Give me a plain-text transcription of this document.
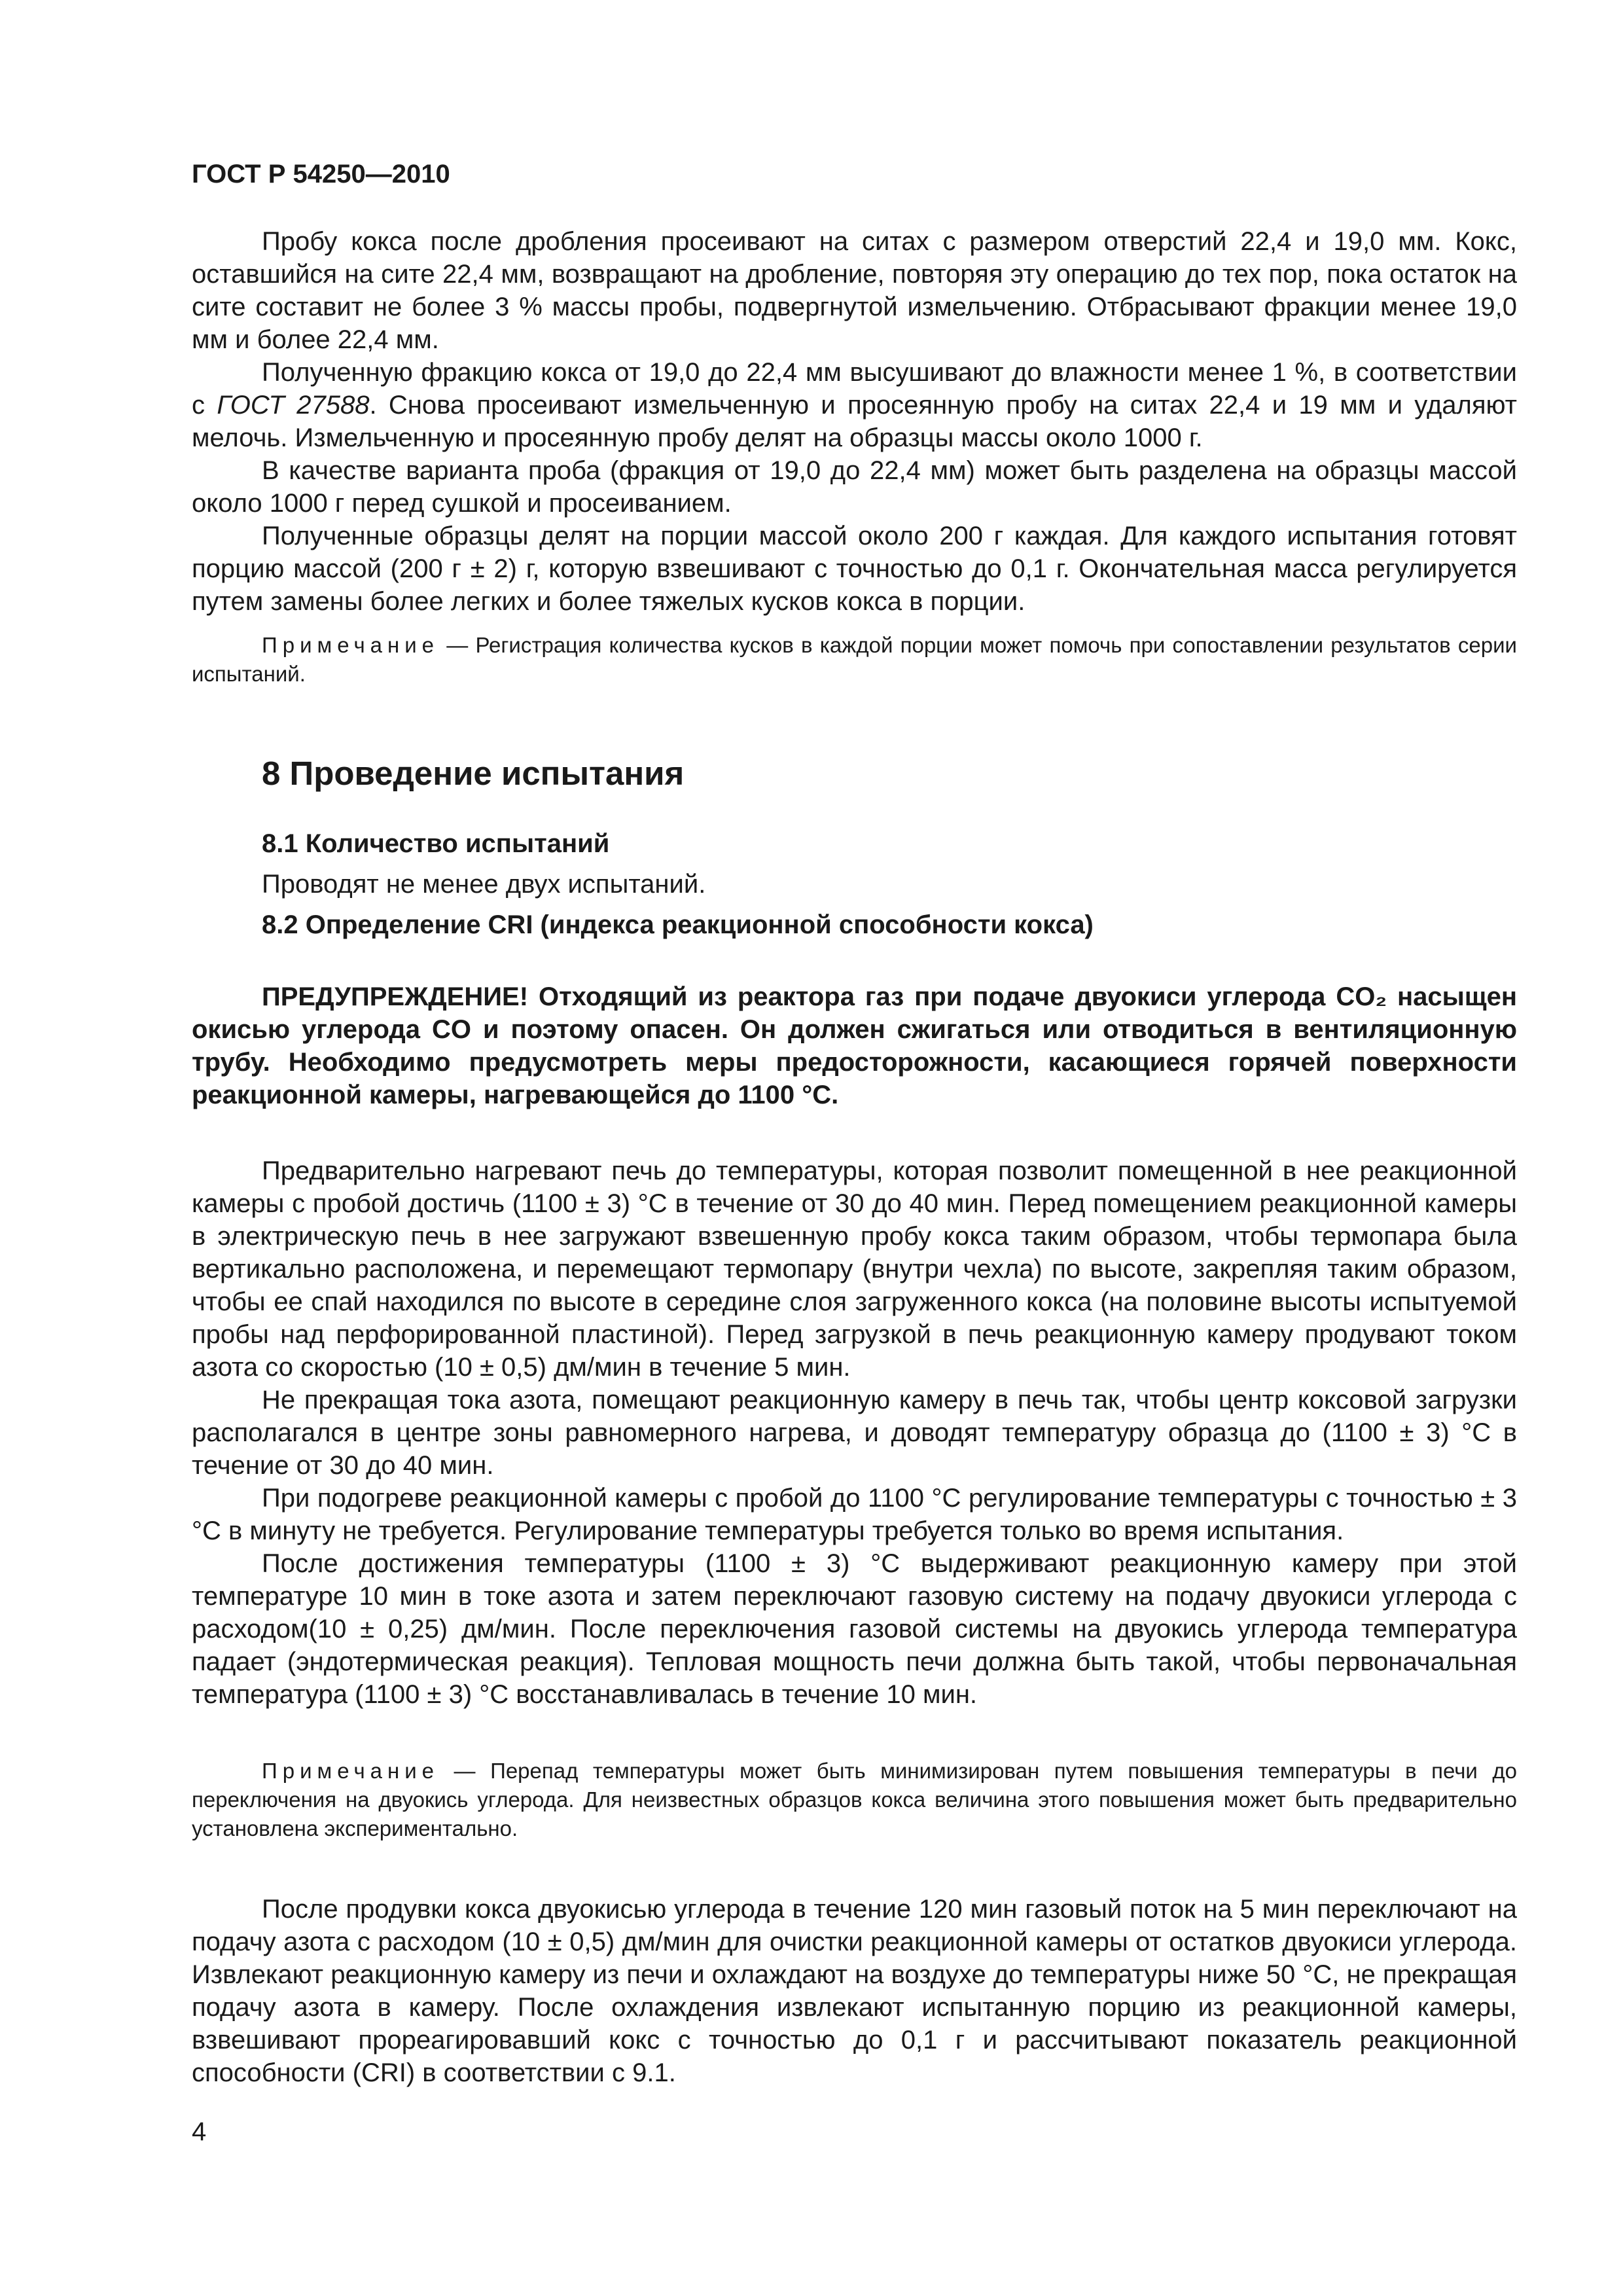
ГОСТ Р 54250—2010

Пробу кокса после дробления просеивают на ситах с размером отверстий 22,4 и 19,0 мм. Кокс, оставшийся на сите 22,4 мм, возвращают на дробление, повторяя эту операцию до тех пор, пока остаток на сите составит не более 3 % массы пробы, подвергнутой измельчению. Отбрасывают фракции менее 19,0 мм и более 22,4 мм.

Полученную фракцию кокса от 19,0 до 22,4 мм высушивают до влажности менее 1 %, в соответствии с ГОСТ 27588. Снова просеивают измельченную и просеянную пробу на ситах 22,4 и 19 мм и удаляют мелочь. Измельченную и просеянную пробу делят на образцы массы около 1000 г.

В качестве варианта проба (фракция от 19,0 до 22,4 мм) может быть разделена на образцы массой около 1000 г перед сушкой и просеиванием.

Полученные образцы делят на порции массой около 200 г каждая. Для каждого испытания готовят порцию массой (200 г ± 2) г, которую взвешивают с точностью до 0,1 г. Окончательная масса регулируется путем замены более легких и более тяжелых кусков кокса в порции.

Примечание — Регистрация количества кусков в каждой порции может помочь при сопоставлении результатов серии испытаний.
8 Проведение испытания
8.1 Количество испытаний

Проводят не менее двух испытаний.

8.2 Определение CRI (индекса реакционной способности кокса)
ПРЕДУПРЕЖДЕНИЕ! Отходящий из реактора газ при подаче двуокиси углерода CO₂ насыщен окисью углерода CO и поэтому опасен. Он должен сжигаться или отводиться в вентиляционную трубу. Необходимо предусмотреть меры предосторожности, касающиеся горячей поверхности реакционной камеры, нагревающейся до 1100 °С.

Предварительно нагревают печь до температуры, которая позволит помещенной в нее реакционной камеры с пробой достичь (1100 ± 3) °С в течение от 30 до 40 мин. Перед помещением реакционной камеры в электрическую печь в нее загружают взвешенную пробу кокса таким образом, чтобы термопара была вертикально расположена, и перемещают термопару (внутри чехла) по высоте, закрепляя таким образом, чтобы ее спай находился по высоте в середине слоя загруженного кокса (на половине высоты испытуемой пробы над перфорированной пластиной). Перед загрузкой в печь реакционную камеру продувают током азота со скоростью (10 ± 0,5) дм/мин в течение 5 мин.

Не прекращая тока азота, помещают реакционную камеру в печь так, чтобы центр коксовой загрузки располагался в центре зоны равномерного нагрева, и доводят температуру образца до (1100 ± 3) °С в течение от 30 до 40 мин.

При подогреве реакционной камеры с пробой до 1100 °С регулирование температуры с точностью ± 3 °С в минуту не требуется. Регулирование температуры требуется только во время испытания.

После достижения температуры (1100 ± 3) °С выдерживают реакционную камеру при этой температуре 10 мин в токе азота и затем переключают газовую систему на подачу двуокиси углерода с расходом(10 ± 0,25) дм/мин. После переключения газовой системы на двуокись углерода температура падает (эндотермическая реакция). Тепловая мощность печи должна быть такой, чтобы первоначальная температура (1100 ± 3) °С восстанавливалась в течение 10 мин.

Примечание — Перепад температуры может быть минимизирован путем повышения температуры в печи до переключения на двуокись углерода. Для неизвестных образцов кокса величина этого повышения может быть предварительно установлена экспериментально.

После продувки кокса двуокисью углерода в течение 120 мин газовый поток на 5 мин переключают на подачу азота с расходом (10 ± 0,5) дм/мин для очистки реакционной камеры от остатков двуокиси углерода. Извлекают реакционную камеру из печи и охлаждают на воздухе до температуры ниже 50 °С, не прекращая подачу азота в камеру. После охлаждения извлекают испытанную порцию из реакционной камеры, взвешивают прореагировавший кокс с точностью до 0,1 г и рассчитывают показатель реакционной способности (CRI) в соответствии с 9.1.

4
